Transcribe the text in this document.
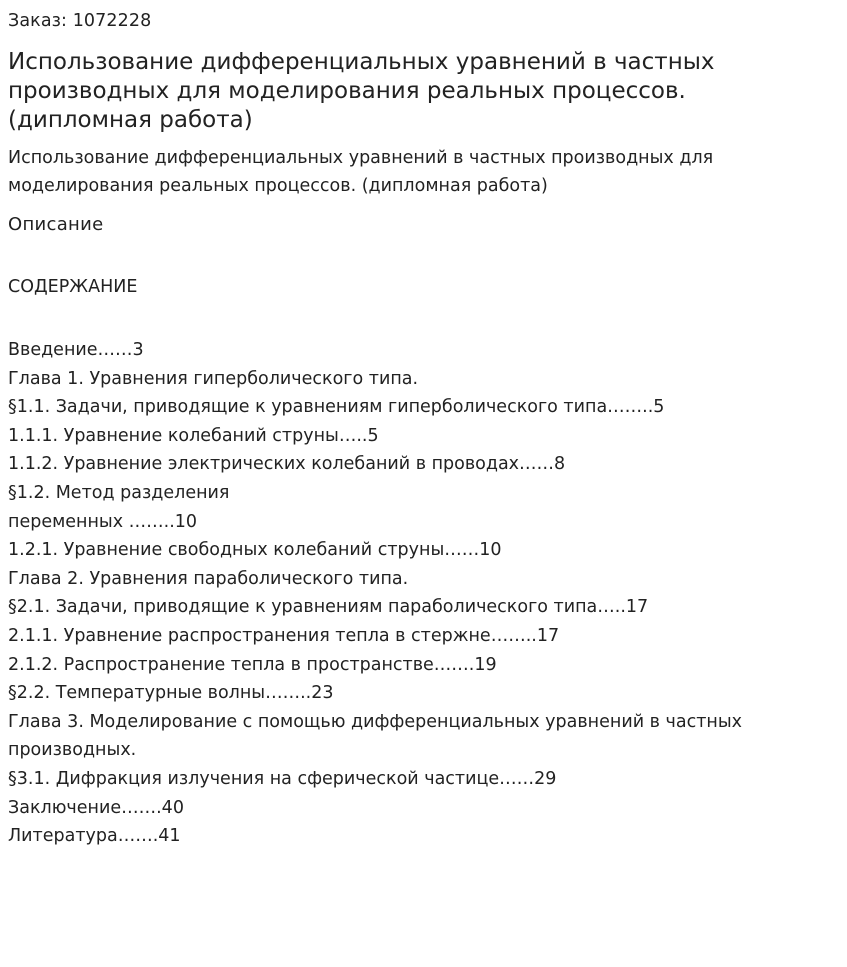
Заказ: 1072228

Использование дифференциальных уравнений в частных производных для моделирования реальных процессов. (дипломная работа)

Использование дифференциальных уравнений в частных производных для моделирования реальных процессов. (дипломная работа)

Описание

СОДЕРЖАНИЕ

Введение……3
Глава 1. Уравнения гиперболического типа.
§1.1. Задачи, приводящие к уравнениям гиперболического типа……..5
1.1.1. Уравнение колебаний струны…..5
1.1.2. Уравнение электрических колебаний в проводах……8
§1.2. Метод разделения
переменных ……..10
1.2.1. Уравнение свободных колебаний струны……10
Глава 2. Уравнения параболического типа.
§2.1. Задачи, приводящие к уравнениям параболического типа…..17
2.1.1. Уравнение распространения тепла в стержне……..17
2.1.2. Распространение тепла в пространстве…….19
§2.2. Температурные волны……..23
Глава 3. Моделирование с помощью дифференциальных уравнений в частных производных.
§3.1. Дифракция излучения на сферической частице……29
Заключение…….40
Литература…….41
